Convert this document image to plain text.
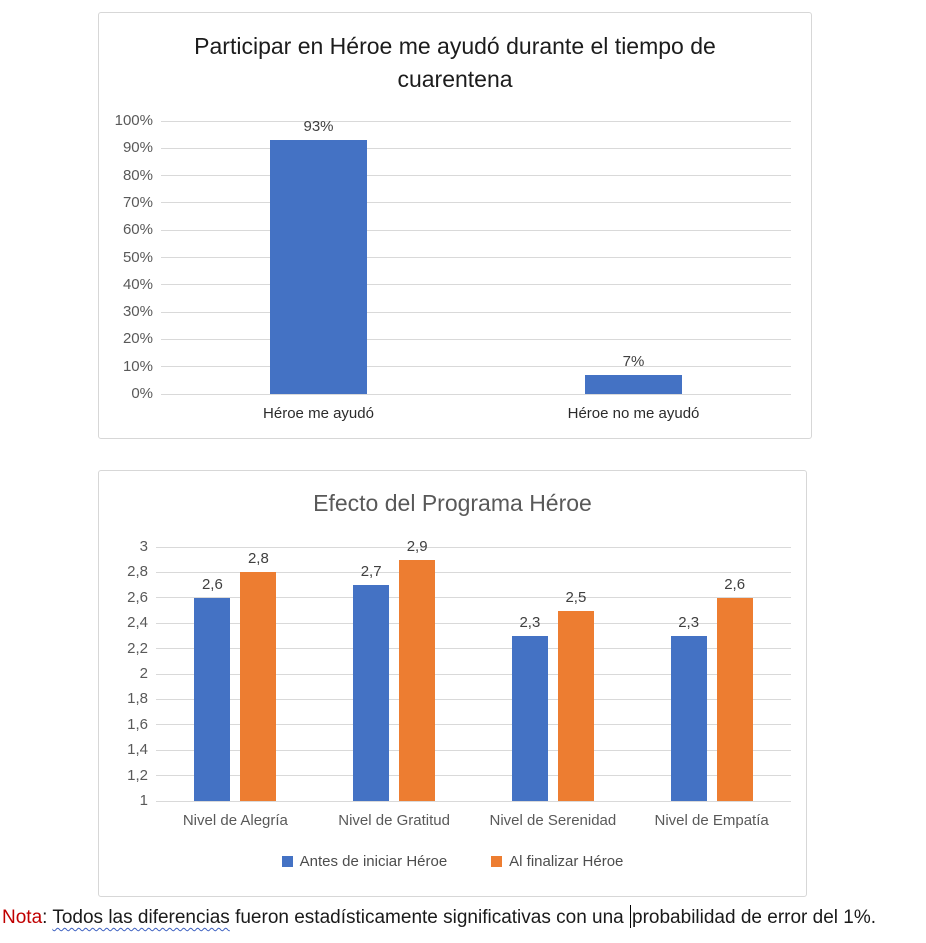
Participar en Héroe me ayudó durante el tiempo de cuarentena
100%
90%
80%
70%
60%
50%
40%
30%
20%
10%
0%
93%
Héroe me ayudó
7%
Héroe no me ayudó
Efecto del Programa Héroe
3
2,8
2,6
2,4
2,2
2
1,8
1,6
1,4
1,2
1
2,6
2,8
Nivel de Alegría
2,7
2,9
Nivel de Gratitud
2,3
2,5
Nivel de Serenidad
2,3
2,6
Nivel de Empatía
Antes de iniciar Héroe	Al finalizar Héroe

Nota: Todos las diferencias fueron estadísticamente significativas con una probabilidad de error del 1%.
